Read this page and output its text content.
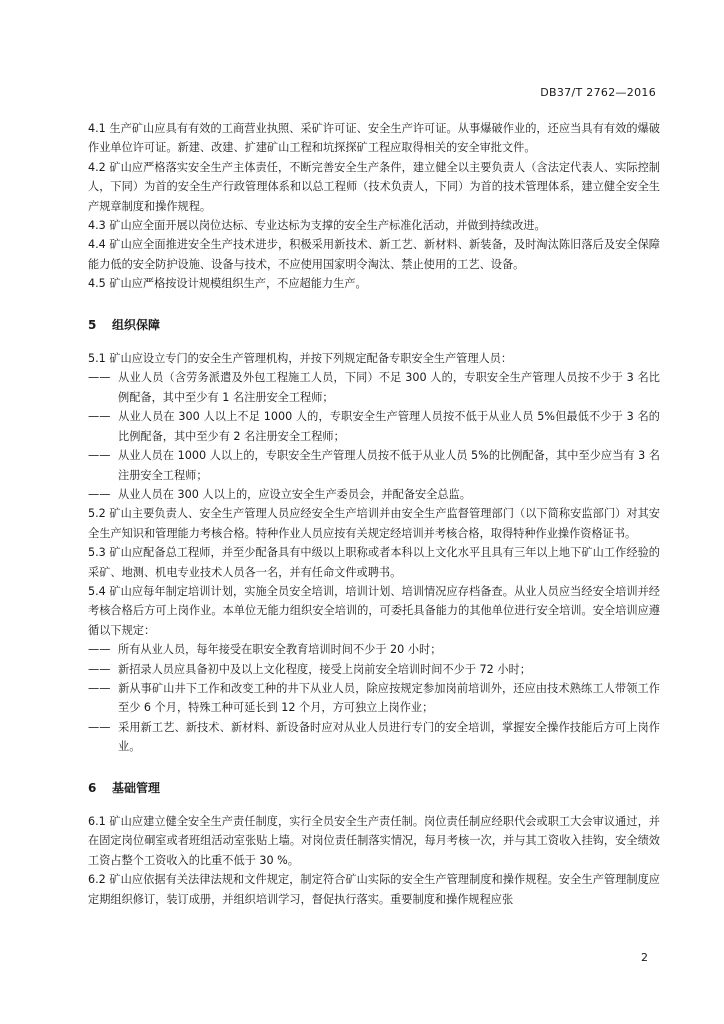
DB37/T 2762—2016

4.1 生产矿山应具有有效的工商营业执照、采矿许可证、安全生产许可证。从事爆破作业的，还应当具有有效的爆破作业单位许可证。新建、改建、扩建矿山工程和坑探探矿工程应取得相关的安全审批文件。

4.2 矿山应严格落实安全生产主体责任，不断完善安全生产条件，建立健全以主要负责人（含法定代表人、实际控制人，下同）为首的安全生产行政管理体系和以总工程师（技术负责人，下同）为首的技术管理体系，建立健全安全生产规章制度和操作规程。

4.3 矿山应全面开展以岗位达标、专业达标为支撑的安全生产标准化活动，并做到持续改进。

4.4 矿山应全面推进安全生产技术进步，积极采用新技术、新工艺、新材料、新装备，及时淘汰陈旧落后及安全保障能力低的安全防护设施、设备与技术，不应使用国家明令淘汰、禁止使用的工艺、设备。

4.5 矿山应严格按设计规模组织生产，不应超能力生产。

5 组织保障

5.1 矿山应设立专门的安全生产管理机构，并按下列规定配备专职安全生产管理人员：

—— 从业人员（含劳务派遣及外包工程施工人员，下同）不足 300 人的，专职安全生产管理人员按不少于 3 名比例配备，其中至少有 1 名注册安全工程师；

—— 从业人员在 300 人以上不足 1000 人的，专职安全生产管理人员按不低于从业人员 5%但最低不少于 3 名的比例配备，其中至少有 2 名注册安全工程师；

—— 从业人员在 1000 人以上的，专职安全生产管理人员按不低于从业人员 5%的比例配备，其中至少应当有 3 名注册安全工程师；

—— 从业人员在 300 人以上的，应设立安全生产委员会，并配备安全总监。

5.2 矿山主要负责人、安全生产管理人员应经安全生产培训并由安全生产监督管理部门（以下简称安监部门）对其安全生产知识和管理能力考核合格。特种作业人员应按有关规定经培训并考核合格，取得特种作业操作资格证书。

5.3 矿山应配备总工程师，并至少配备具有中级以上职称或者本科以上文化水平且具有三年以上地下矿山工作经验的采矿、地测、机电专业技术人员各一名，并有任命文件或聘书。

5.4 矿山应每年制定培训计划，实施全员安全培训，培训计划、培训情况应存档备查。从业人员应当经安全培训并经考核合格后方可上岗作业。本单位无能力组织安全培训的，可委托具备能力的其他单位进行安全培训。安全培训应遵循以下规定：

—— 所有从业人员，每年接受在职安全教育培训时间不少于 20 小时；

—— 新招录人员应具备初中及以上文化程度，接受上岗前安全培训时间不少于 72 小时；

—— 新从事矿山井下工作和改变工种的井下从业人员，除应按规定参加岗前培训外，还应由技术熟练工人带领工作至少 6 个月，特殊工种可延长到 12 个月，方可独立上岗作业；

—— 采用新工艺、新技术、新材料、新设备时应对从业人员进行专门的安全培训，掌握安全操作技能后方可上岗作业。

6 基础管理

6.1 矿山应建立健全安全生产责任制度，实行全员安全生产责任制。岗位责任制应经职代会或职工大会审议通过，并在固定岗位硐室或者班组活动室张贴上墙。对岗位责任制落实情况，每月考核一次，并与其工资收入挂钩，安全绩效工资占整个工资收入的比重不低于 30 %。

6.2 矿山应依据有关法律法规和文件规定，制定符合矿山实际的安全生产管理制度和操作规程。安全生产管理制度应定期组织修订，装订成册，并组织培训学习，督促执行落实。重要制度和操作规程应张

2
